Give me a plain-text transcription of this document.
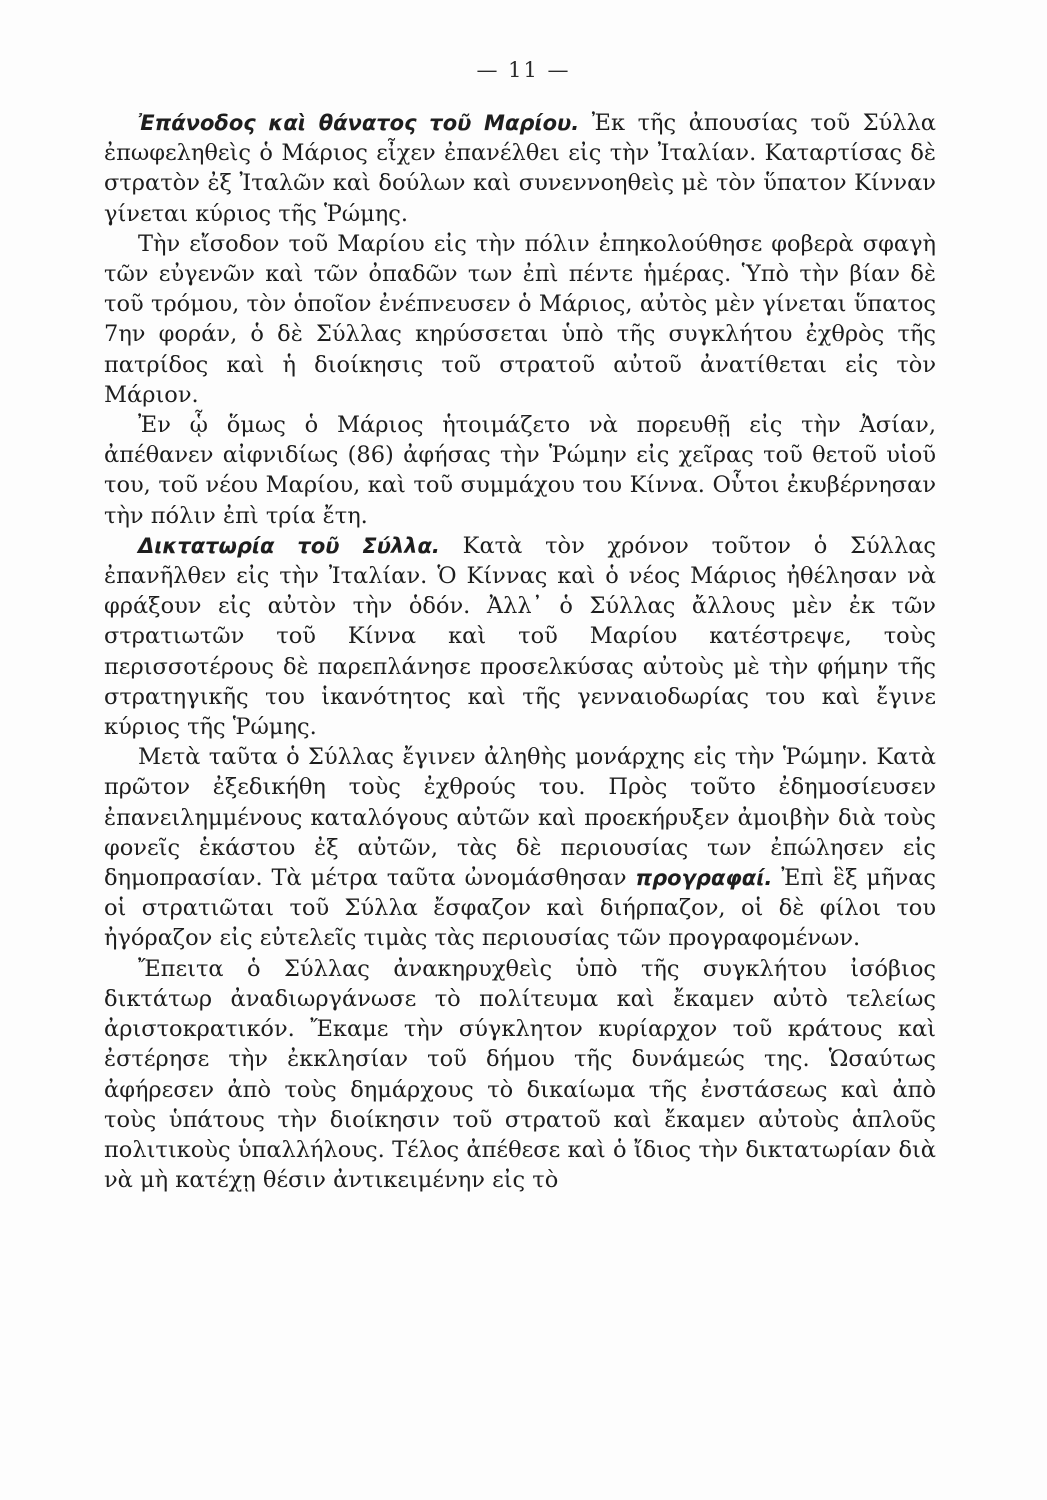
— 11 —

Ἐπάνοδος καὶ θάνατος τοῦ Μαρίου. Ἐκ τῆς ἀπουσίας τοῦ Σύλλα ἐπωφεληθεὶς ὁ Μάριος εἶχεν ἐπανέλθει εἰς τὴν Ἰταλίαν. Καταρτίσας δὲ στρατὸν ἐξ Ἰταλῶν καὶ δούλων καὶ συνεννοηθεὶς μὲ τὸν ὕπατον Κίνναν γίνεται κύριος τῆς Ῥώμης.

Τὴν εἴσοδον τοῦ Μαρίου εἰς τὴν πόλιν ἐπηκολούθησε φοβερὰ σφαγὴ τῶν εὐγενῶν καὶ τῶν ὀπαδῶν των ἐπὶ πέντε ἡμέρας. Ὑπὸ τὴν βίαν δὲ τοῦ τρόμου, τὸν ὁποῖον ἐνέπνευσεν ὁ Μάριος, αὐτὸς μὲν γίνεται ὕπατος 7ην φοράν, ὁ δὲ Σύλλας κηρύσσεται ὑπὸ τῆς συγκλήτου ἐχθρὸς τῆς πατρίδος καὶ ἡ διοίκησις τοῦ στρατοῦ αὐτοῦ ἀνατίθεται εἰς τὸν Μάριον.

Ἐν ᾧ ὅμως ὁ Μάριος ἡτοιμάζετο νὰ πορευθῇ εἰς τὴν Ἀσίαν, ἀπέθανεν αἰφνιδίως (86) ἀφήσας τὴν Ῥώμην εἰς χεῖρας τοῦ θετοῦ υἱοῦ του, τοῦ νέου Μαρίου, καὶ τοῦ συμμάχου του Κίννα. Οὗτοι ἐκυβέρνησαν τὴν πόλιν ἐπὶ τρία ἔτη.

Δικτατωρία τοῦ Σύλλα. Κατὰ τὸν χρόνον τοῦτον ὁ Σύλλας ἐπανῆλθεν εἰς τὴν Ἰταλίαν. Ὁ Κίννας καὶ ὁ νέος Μάριος ἠθέλησαν νὰ φράξουν εἰς αὐτὸν τὴν ὁδόν. Ἀλλ᾽ ὁ Σύλλας ἄλλους μὲν ἐκ τῶν στρατιωτῶν τοῦ Κίννα καὶ τοῦ Μαρίου κατέστρεψε, τοὺς περισσοτέρους δὲ παρεπλάνησε προσελκύσας αὐτοὺς μὲ τὴν φήμην τῆς στρατηγικῆς του ἱκανότητος καὶ τῆς γενναιοδωρίας του καὶ ἔγινε κύριος τῆς Ῥώμης.

Μετὰ ταῦτα ὁ Σύλλας ἔγινεν ἀληθὴς μονάρχης εἰς τὴν Ῥώμην. Κατὰ πρῶτον ἐξεδικήθη τοὺς ἐχθρούς του. Πρὸς τοῦτο ἐδημοσίευσεν ἐπανειλημμένους καταλόγους αὐτῶν καὶ προεκήρυξεν ἀμοιβὴν διὰ τοὺς φονεῖς ἑκάστου ἐξ αὐτῶν, τὰς δὲ περιουσίας των ἐπώλησεν εἰς δημοπρασίαν. Τὰ μέτρα ταῦτα ὠνομάσθησαν προγραφαί. Ἐπὶ ἓξ μῆνας οἱ στρατιῶται τοῦ Σύλλα ἔσφαζον καὶ διήρπαζον, οἱ δὲ φίλοι του ἠγόραζον εἰς εὐτελεῖς τιμὰς τὰς περιουσίας τῶν προγραφομένων.

Ἔπειτα ὁ Σύλλας ἀνακηρυχθεὶς ὑπὸ τῆς συγκλήτου ἰσόβιος δικτάτωρ ἀναδιωργάνωσε τὸ πολίτευμα καὶ ἔκαμεν αὐτὸ τελείως ἀριστοκρατικόν. Ἔκαμε τὴν σύγκλητον κυρίαρχον τοῦ κράτους καὶ ἐστέρησε τὴν ἐκκλησίαν τοῦ δήμου τῆς δυνάμεώς της. Ὡσαύτως ἀφήρεσεν ἀπὸ τοὺς δημάρχους τὸ δικαίωμα τῆς ἐνστάσεως καὶ ἀπὸ τοὺς ὑπάτους τὴν διοίκησιν τοῦ στρατοῦ καὶ ἔκαμεν αὐτοὺς ἁπλοῦς πολιτικοὺς ὑπαλλήλους. Τέλος ἀπέθεσε καὶ ὁ ἴδιος τὴν δικτατωρίαν διὰ νὰ μὴ κατέχῃ θέσιν ἀντικειμένην εἰς τὸ
